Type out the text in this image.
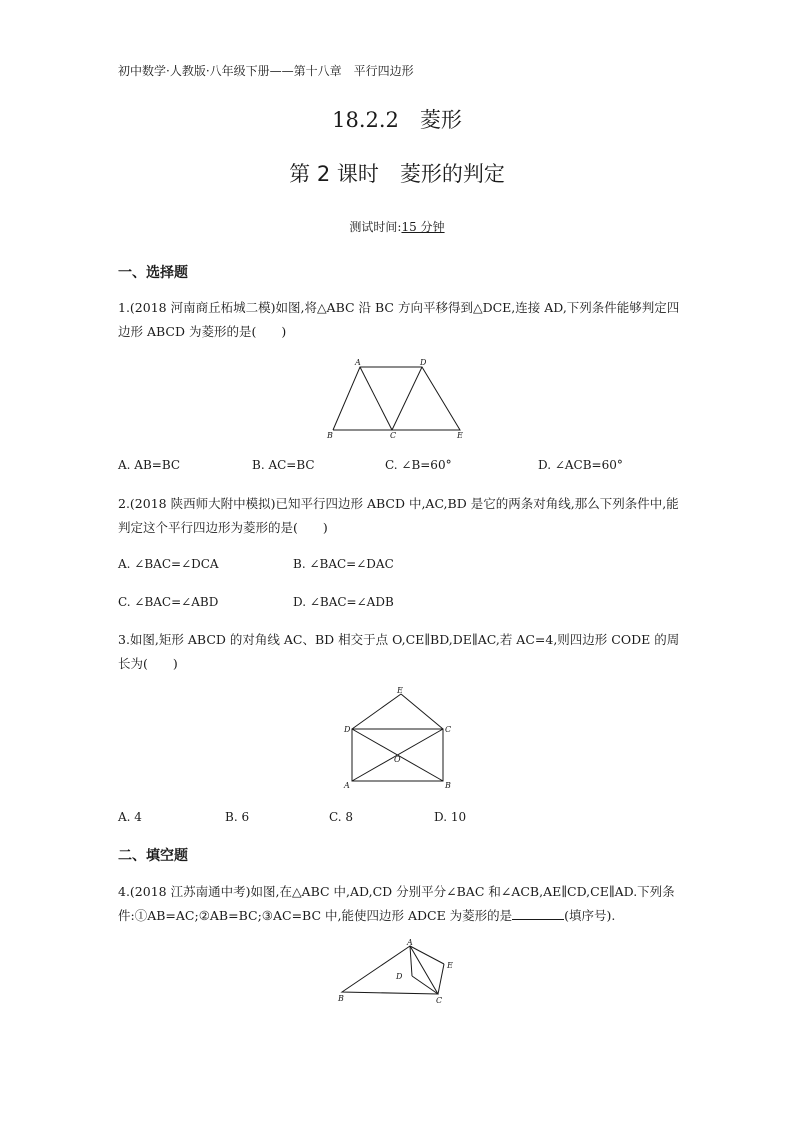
初中数学·人教版·八年级下册——第十八章　平行四边形
18.2.2　菱形
第 2 课时　菱形的判定
测试时间:15 分钟
一、选择题
1.(2018 河南商丘柘城二模)如图,将△ABC 沿 BC 方向平移得到△DCE,连接 AD,下列条件能够判定四边形 ABCD 为菱形的是(　　)
A	D
B	C	E
A. AB=BC	B. AC=BC	C. ∠B=60°	D. ∠ACB=60°
2.(2018 陕西师大附中模拟)已知平行四边形 ABCD 中,AC,BD 是它的两条对角线,那么下列条件中,能判定这个平行四边形为菱形的是(　　)
A. ∠BAC=∠DCA	B. ∠BAC=∠DAC
C. ∠BAC=∠ABD	D. ∠BAC=∠ADB
3.如图,矩形 ABCD 的对角线 AC、BD 相交于点 O,CE∥BD,DE∥AC,若 AC=4,则四边形 CODE 的周长为(　　)
E
D	C
O
A	B
A. 4	B. 6	C. 8	D. 10
二、填空题
4.(2018 江苏南通中考)如图,在△ABC 中,AD,CD 分别平分∠BAC 和∠ACB,AE∥CD,CE∥AD.下列条件:①AB=AC;②AB=BC;③AC=BC 中,能使四边形 ADCE 为菱形的是	(填序号).
A
D
E
B	C
